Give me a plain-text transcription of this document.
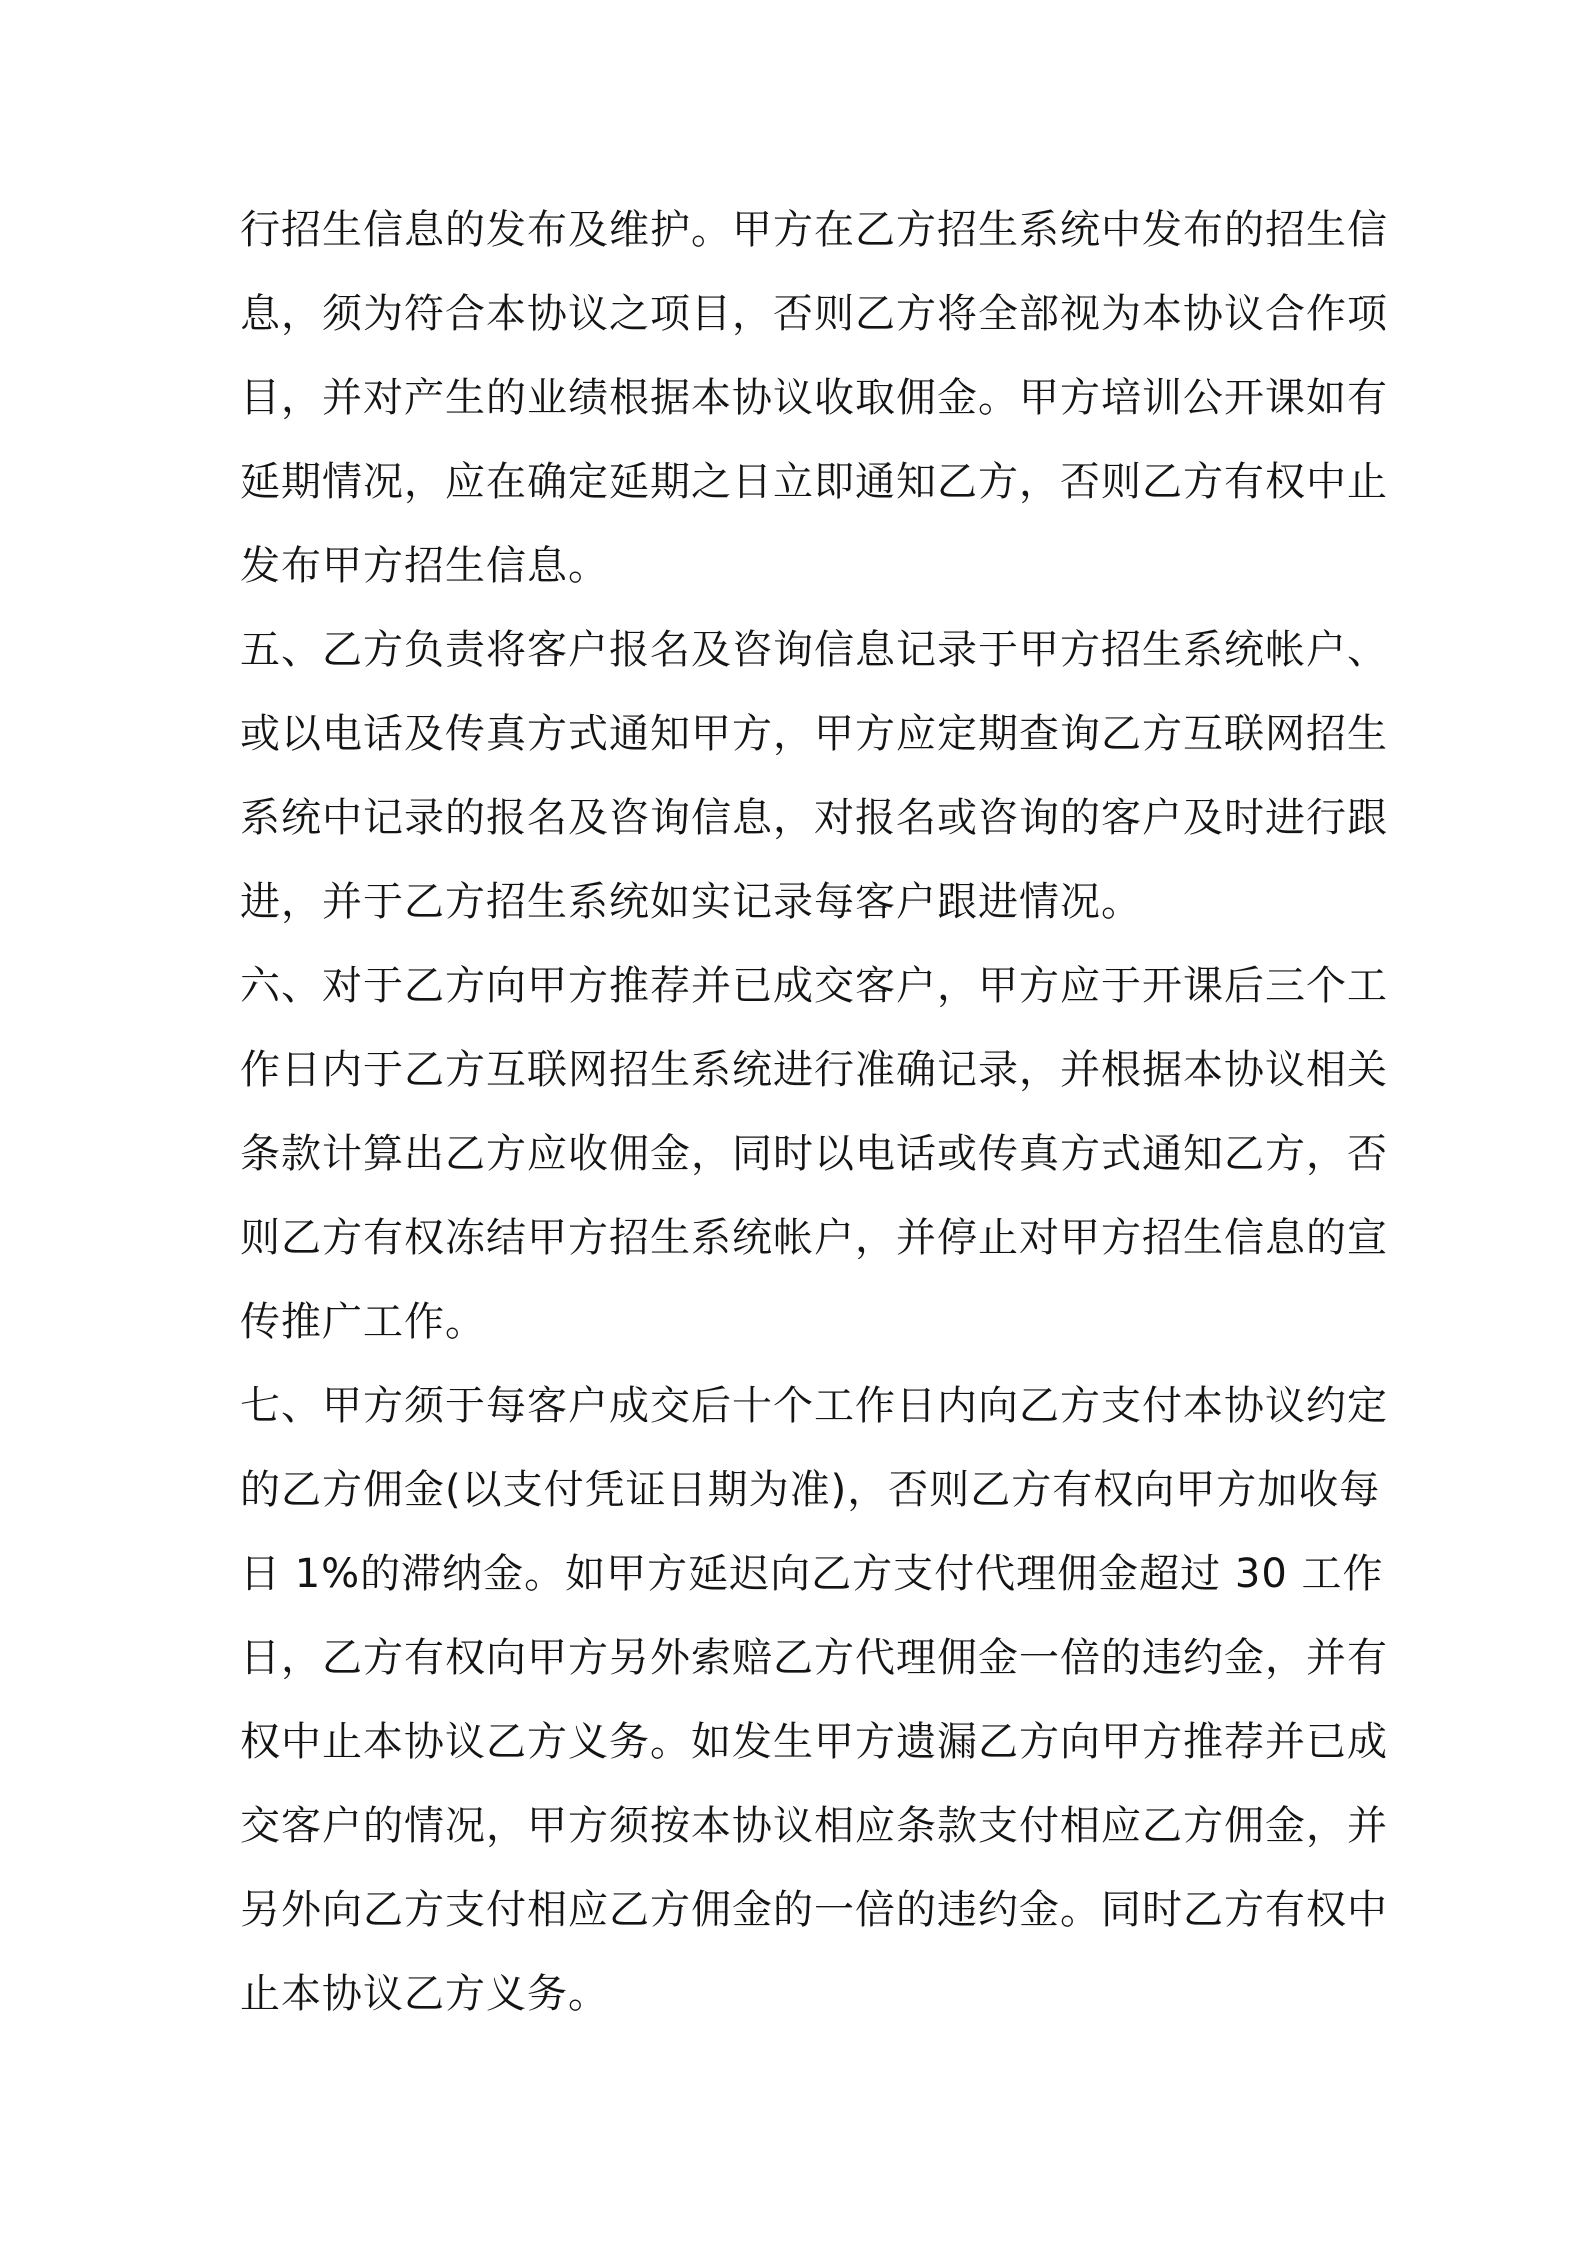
行招生信息的发布及维护。甲方在乙方招生系统中发布的招生信
息，须为符合本协议之项目，否则乙方将全部视为本协议合作项
目，并对产生的业绩根据本协议收取佣金。甲方培训公开课如有
延期情况，应在确定延期之日立即通知乙方，否则乙方有权中止
发布甲方招生信息。
五、乙方负责将客户报名及咨询信息记录于甲方招生系统帐户、
或以电话及传真方式通知甲方，甲方应定期查询乙方互联网招生
系统中记录的报名及咨询信息，对报名或咨询的客户及时进行跟
进，并于乙方招生系统如实记录每客户跟进情况。
六、对于乙方向甲方推荐并已成交客户，甲方应于开课后三个工
作日内于乙方互联网招生系统进行准确记录，并根据本协议相关
条款计算出乙方应收佣金，同时以电话或传真方式通知乙方，否
则乙方有权冻结甲方招生系统帐户，并停止对甲方招生信息的宣
传推广工作。
七、甲方须于每客户成交后十个工作日内向乙方支付本协议约定
的乙方佣金(以支付凭证日期为准)，否则乙方有权向甲方加收每
日 1%的滞纳金。如甲方延迟向乙方支付代理佣金超过 30 工作
日，乙方有权向甲方另外索赔乙方代理佣金一倍的违约金，并有
权中止本协议乙方义务。如发生甲方遗漏乙方向甲方推荐并已成
交客户的情况，甲方须按本协议相应条款支付相应乙方佣金，并
另外向乙方支付相应乙方佣金的一倍的违约金。同时乙方有权中
止本协议乙方义务。
